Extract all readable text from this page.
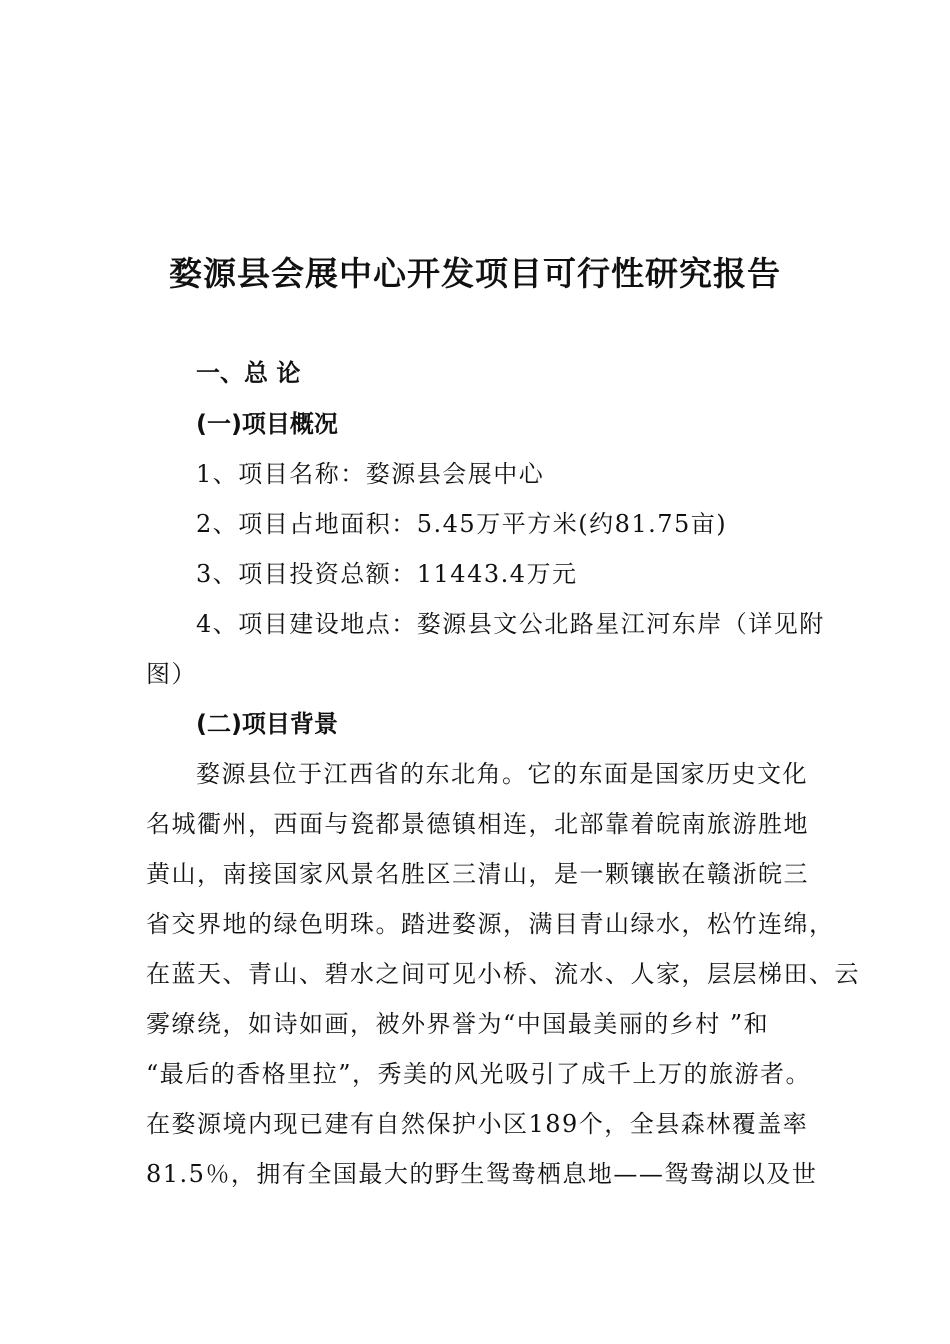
婺源县会展中心开发项目可行性研究报告
一、总 论
(一)项目概况
1、项目名称：婺源县会展中心
2、项目占地面积：5.45万平方米(约81.75亩)
3、项目投资总额：11443.4万元
4、项目建设地点：婺源县文公北路星江河东岸（详见附
图）
(二)项目背景
婺源县位于江西省的东北角。它的东面是国家历史文化
名城衢州，西面与瓷都景德镇相连，北部靠着皖南旅游胜地
黄山，南接国家风景名胜区三清山，是一颗镶嵌在赣浙皖三
省交界地的绿色明珠。踏进婺源，满目青山绿水，松竹连绵，
在蓝天、青山、碧水之间可见小桥、流水、人家，层层梯田、云
雾缭绕，如诗如画，被外界誉为“中国最美丽的乡村 ”和
“最后的香格里拉”，秀美的风光吸引了成千上万的旅游者。
在婺源境内现已建有自然保护小区189个，全县森林覆盖率
81.5％，拥有全国最大的野生鸳鸯栖息地——鸳鸯湖以及世
